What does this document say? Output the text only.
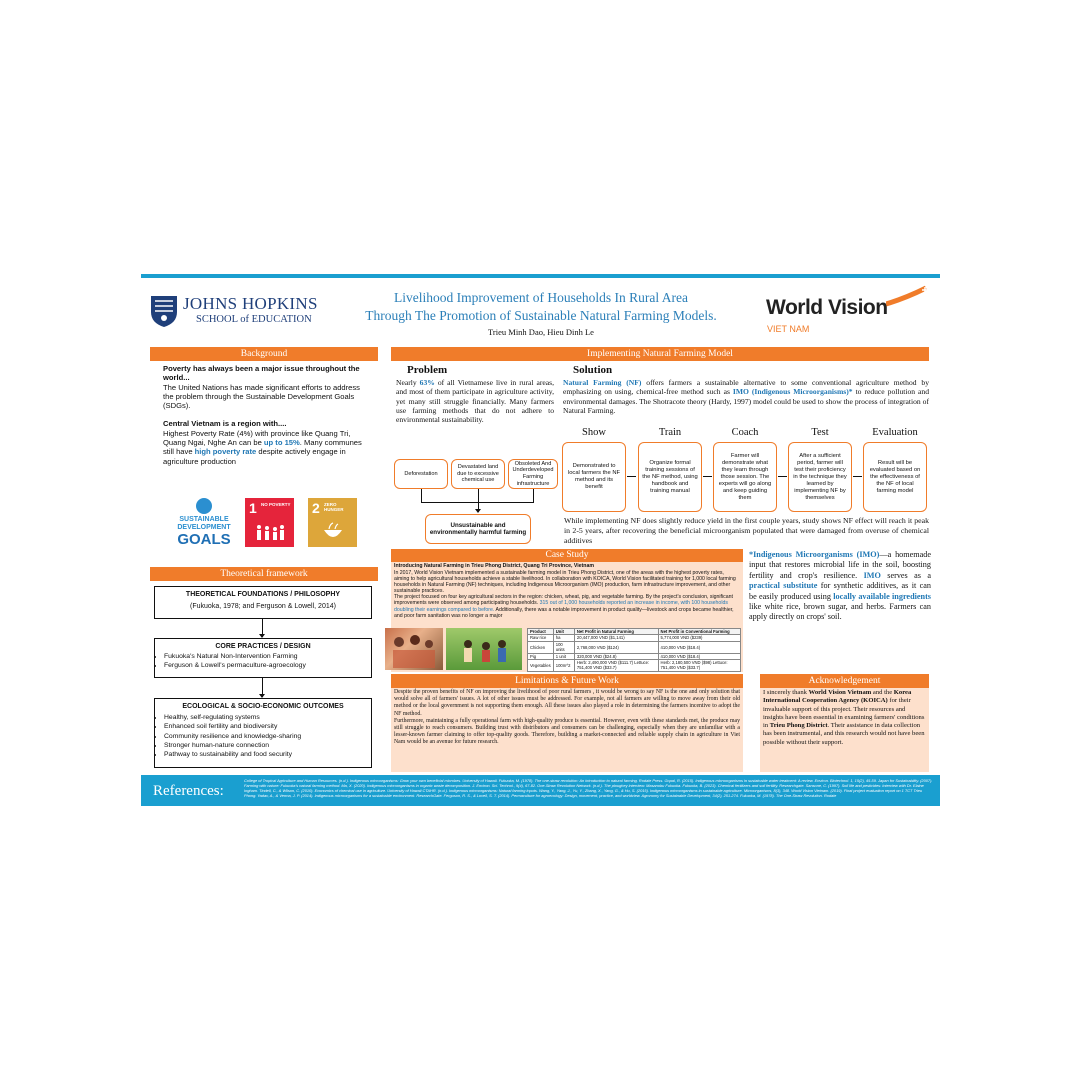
JOHNS HOPKINS
SCHOOL of EDUCATION
Livelihood Improvement of Households In Rural Area
Through The Promotion of Sustainable Natural Farming Models.
Trieu Minh Dao, Hieu Dinh Le
World Vision
VIET NAM
Background
Poverty has always been a major issue throughout the world...
The United Nations has made significant efforts to address the problem through the Sustainable Development Goals (SDGs).
Central Vietnam is a region with....
Highest Poverty Rate (4%) with province like Quang Tri, Quang Ngai, Nghe An can be up to 15%. Many communes still have high poverty rate despite actively engage in agriculture production
SUSTAINABLE
DEVELOPMENT
GOALS
1 NO POVERTY 2 ZERO HUNGER
Theoretical framework
THEORETICAL FOUNDATIONS / PHILOSOPHY
(Fukuoka, 1978; and Ferguson & Lowell, 2014)
CORE PRACTICES / DESIGN
• Fukuoka's Natural Non-Intervention Farming
• Ferguson & Lowell's permaculture-agroecology
ECOLOGICAL & SOCIO-ECONOMIC OUTCOMES
• Healthy, self-regulating systems
• Enhanced soil fertility and biodiversity
• Community resilience and knowledge-sharing
• Stronger human-nature connection
• Pathway to sustainability and food security
Implementing Natural Farming Model
Problem
Nearly 63% of all Vietnamese live in rural areas, and most of them participate in agriculture activity, yet many still struggle financially. Many farmers use farming methods that do not adhere to environmental sustainability.
Deforestation
Devastated land due to excessive chemical use
Obsoleted And Underdeveloped Farming infrastructure
Unsustainable and environmentally harmful farming
Solution
Natural Farming (NF) offers farmers a sustainable alternative to some conventional agriculture method by emphasizing on using, chemical-free method such as IMO (Indigenous Microorganisms)* to reduce pollution and environmental damages. The Shotracote theory (Hardy, 1997) model could be used to show the process of integration of Natural Farming.
Show
Demonstrated to local farmers the NF method and its benefit
Train
Organize formal training sessions of the NF method, using handbook and training manual
Coach
Farmer will demonstrate what they learn through those session. The experts will go along and keep guiding them
Test
After a sufficient period, farmer will test their proficiency in the technique they learned by implementing NF by themselves
Evaluation
Result will be evaluated based on the effectiveness of the NF of local farming model
While implementing NF does slightly reduce yield in the first couple years, study shows NF effect will reach it peak in 2-5 years, after recovering the beneficial microorganism populated that were damaged from overuse of chemical additives
Case Study
Introducing Natural Farming in Trieu Phong District, Quang Tri Province, Vietnam
In 2017, World Vision Vietnam implemented a sustainable farming model in Trieu Phong District, one of the areas with the highest poverty rates, aiming to help agricultural households achieve a stable livelihood. In collaboration with KOICA, World Vision facilitated training for 1,000 local farming households in Natural Farming (NF) techniques, including Indigenous Microorganism (IMO) production, farm infrastructure improvement, and other sustainable practices.
The project focused on four key agricultural sectors in the region: chicken, wheat, pig, and vegetable farming. By the project's conclusion, significant improvements were observed among participating households. 315 out of 1,000 households reported an increase in income, with 100 households doubling their earnings compared to before. Additionally, there was a notable improvement in product quality—livestock and crops became healthier, and poor farm sanitation was no longer a major
Product	Unit	Net Profit in Natural Farming	Net Profit in Conventional Farming
Raw rice	ha	20,447,000 VND ($1,141)	5,774,000 VND ($239)
Chicken	100 units	2,768,000 VND ($124)	410,000 VND ($18.4)
Pig	1 unit	320,000 VND ($24.8)	410,000 VND ($18.4)
Vegetables	100m^2	Herb: 2,490,000 VND ($111.7) Lettuce: 751,400 VND ($33.7)	Herb: 2,180,500 VND ($98) Lettuce: 751,400 VND ($33.7)
*Indigenous Microorganisms (IMO)—a homemade input that restores microbial life in the soil, boosting fertility and crop's resilience. IMO serves as a practical substitute for synthetic additives, as it can be easily produced using locally available ingredients like white rice, brown sugar, and herbs. Farmers can apply directly on crops' soil.
Limitations & Future Work
Despite the proven benefits of NF on improving the livelihood of poor rural farmers , it would be wrong to say NF is the one and only solution that would solve all of farmers' issues. A lot of other issues must be addressed. For example, not all farmers are willing to move away from their old method or the local government is not supporting them enough. All these issues also played a role in determining the farmers incentive to adopt the NF method.
Furthermore, maintaining a fully operational farm with high-quality produce is essential. However, even with these standards met, the produce may still struggle to reach consumers. Building trust with distributors and consumers can be challenging, especially when they are unfamiliar with a lesser-known farmer claiming to offer top-quality goods. Therefore, building a market-connected and reliable supply chain in agriculture in Viet Nam would be an avenue for future research.
Acknowledgement
I sincerely thank World Vision Vietnam and the Korea International Cooperation Agency (KOICA) for their invaluable support of this project. Their resources and insights have been essential in examining farmers' conditions in Trieu Phong District. Their assistance in data collection has been instrumental, and this research would not have been possible without their support.
References:
College of Tropical Agriculture and Human Resources. (n.d.). Indigenous microorganisms: Grow your own beneficial microbes. University of Hawaii. Fukuoka, M. (1978). The one-straw revolution: An introduction to natural farming. Rodale Press. Gopal, R. (2015). Indigenous microorganisms in sustainable water treatment: A review. Environ. Biotechnol. 1, 15(2), 45-59. Japan for Sustainability. (2007). Farming with nature: Fukuoka's natural farming method. Ma, X. (2020). Indigenous microorganisms in organic waste decomposition. J. Environ. Sci. Technol., 9(4), 67-82. One-Straw Revolution Network. (n.d.). The ploughey interview: Masanobu Fukuoka. Fukuoka, B. (2023). Chemical fertilizers and soil fertility. Researchgate. Sansone, C. (1997). Soil life and pesticides: Interview with Dr. Elaine Ingham. Tindell, C., & Wilson, C. (2010). Economics of chemical use in agriculture. University of Hawaii CTAHR. (n.d.). Indigenous microorganisms: Natural farming inputs. Wang, Y., Yang, J., Yu, Y., Zhang, X., Yang, G., & Hu, S. (2015). Indigenous microorganisms in sustainable agriculture. Microorganisms, 8(3), 348. World Vision Vietnam. (2019). Final project evaluation report on 1 TCT Trieu Phong. Yadav, A., & Verma, J. P. (2014). Indigenous microorganisms for a sustainable environment. ResearchGate. Ferguson, R. S., & Lovell, S. T. (2014). Permaculture for agroecology: Design, movement, practice, and worldview. Agronomy for Sustainable Development, 34(2), 251-274. Fukuoka, M. (1978). The One-Straw Revolution. Rodale
